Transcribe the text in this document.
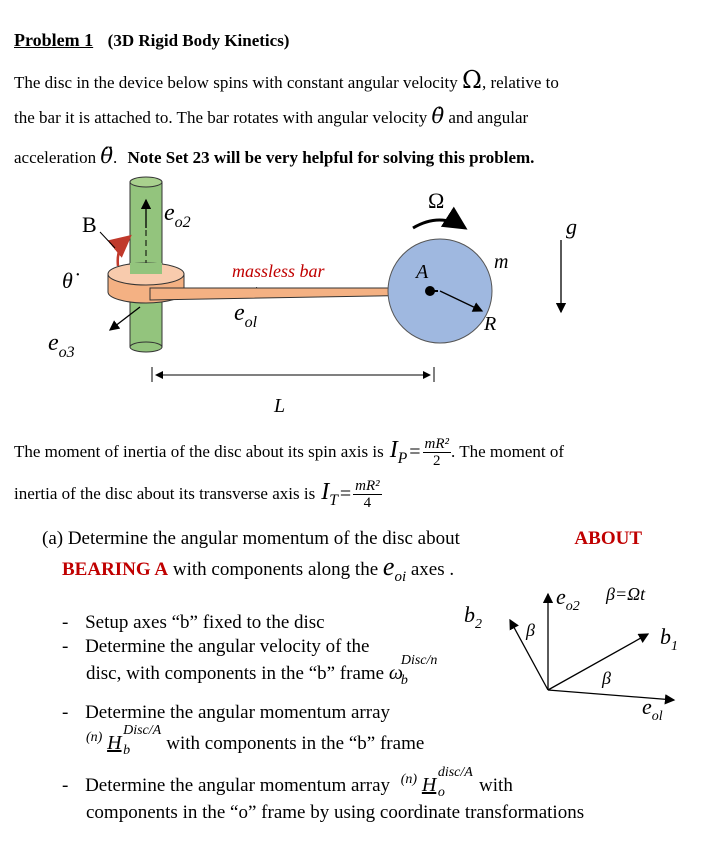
Problem 1 (3D Rigid Body Kinetics)
The disc in the device below spins with constant angular velocity Ω, relative to
the bar it is attached to. The bar rotates with angular velocity θ̇ and angular
acceleration θ̈. Note Set 23 will be very helpful for solving this problem.
B	$e_{o2}$
θ̇
$e_{o3}$
massless bar
$e_{ol}$
A
Ω
m
g
R
L
The moment of inertia of the disc about its spin axis is $I_P = \frac{\text{mR²}}{2}$ . The moment of
inertia of the disc about its transverse axis is $I_T = \frac{\text{mR²}}{4}$
(a) Determine the angular momentum of the disc about	ABOUT
BEARING A with components along the $e_{oi}$ axes .
- Setup axes “b” fixed to the disc
- Determine the angular velocity of the
disc, with components in the “b” frame ω
Disc/n
b
- Determine the angular momentum array
$^{(n)}$ H
Disc/A
b with components in the “b” frame
- Determine the angular momentum array $^{(n)}$ H
disc/A
o with
components in the “o” frame by using coordinate transformations
β=Ωt
$e_{o2}$
$b_2$ β	$b_1$
β
$e_{ol}$
